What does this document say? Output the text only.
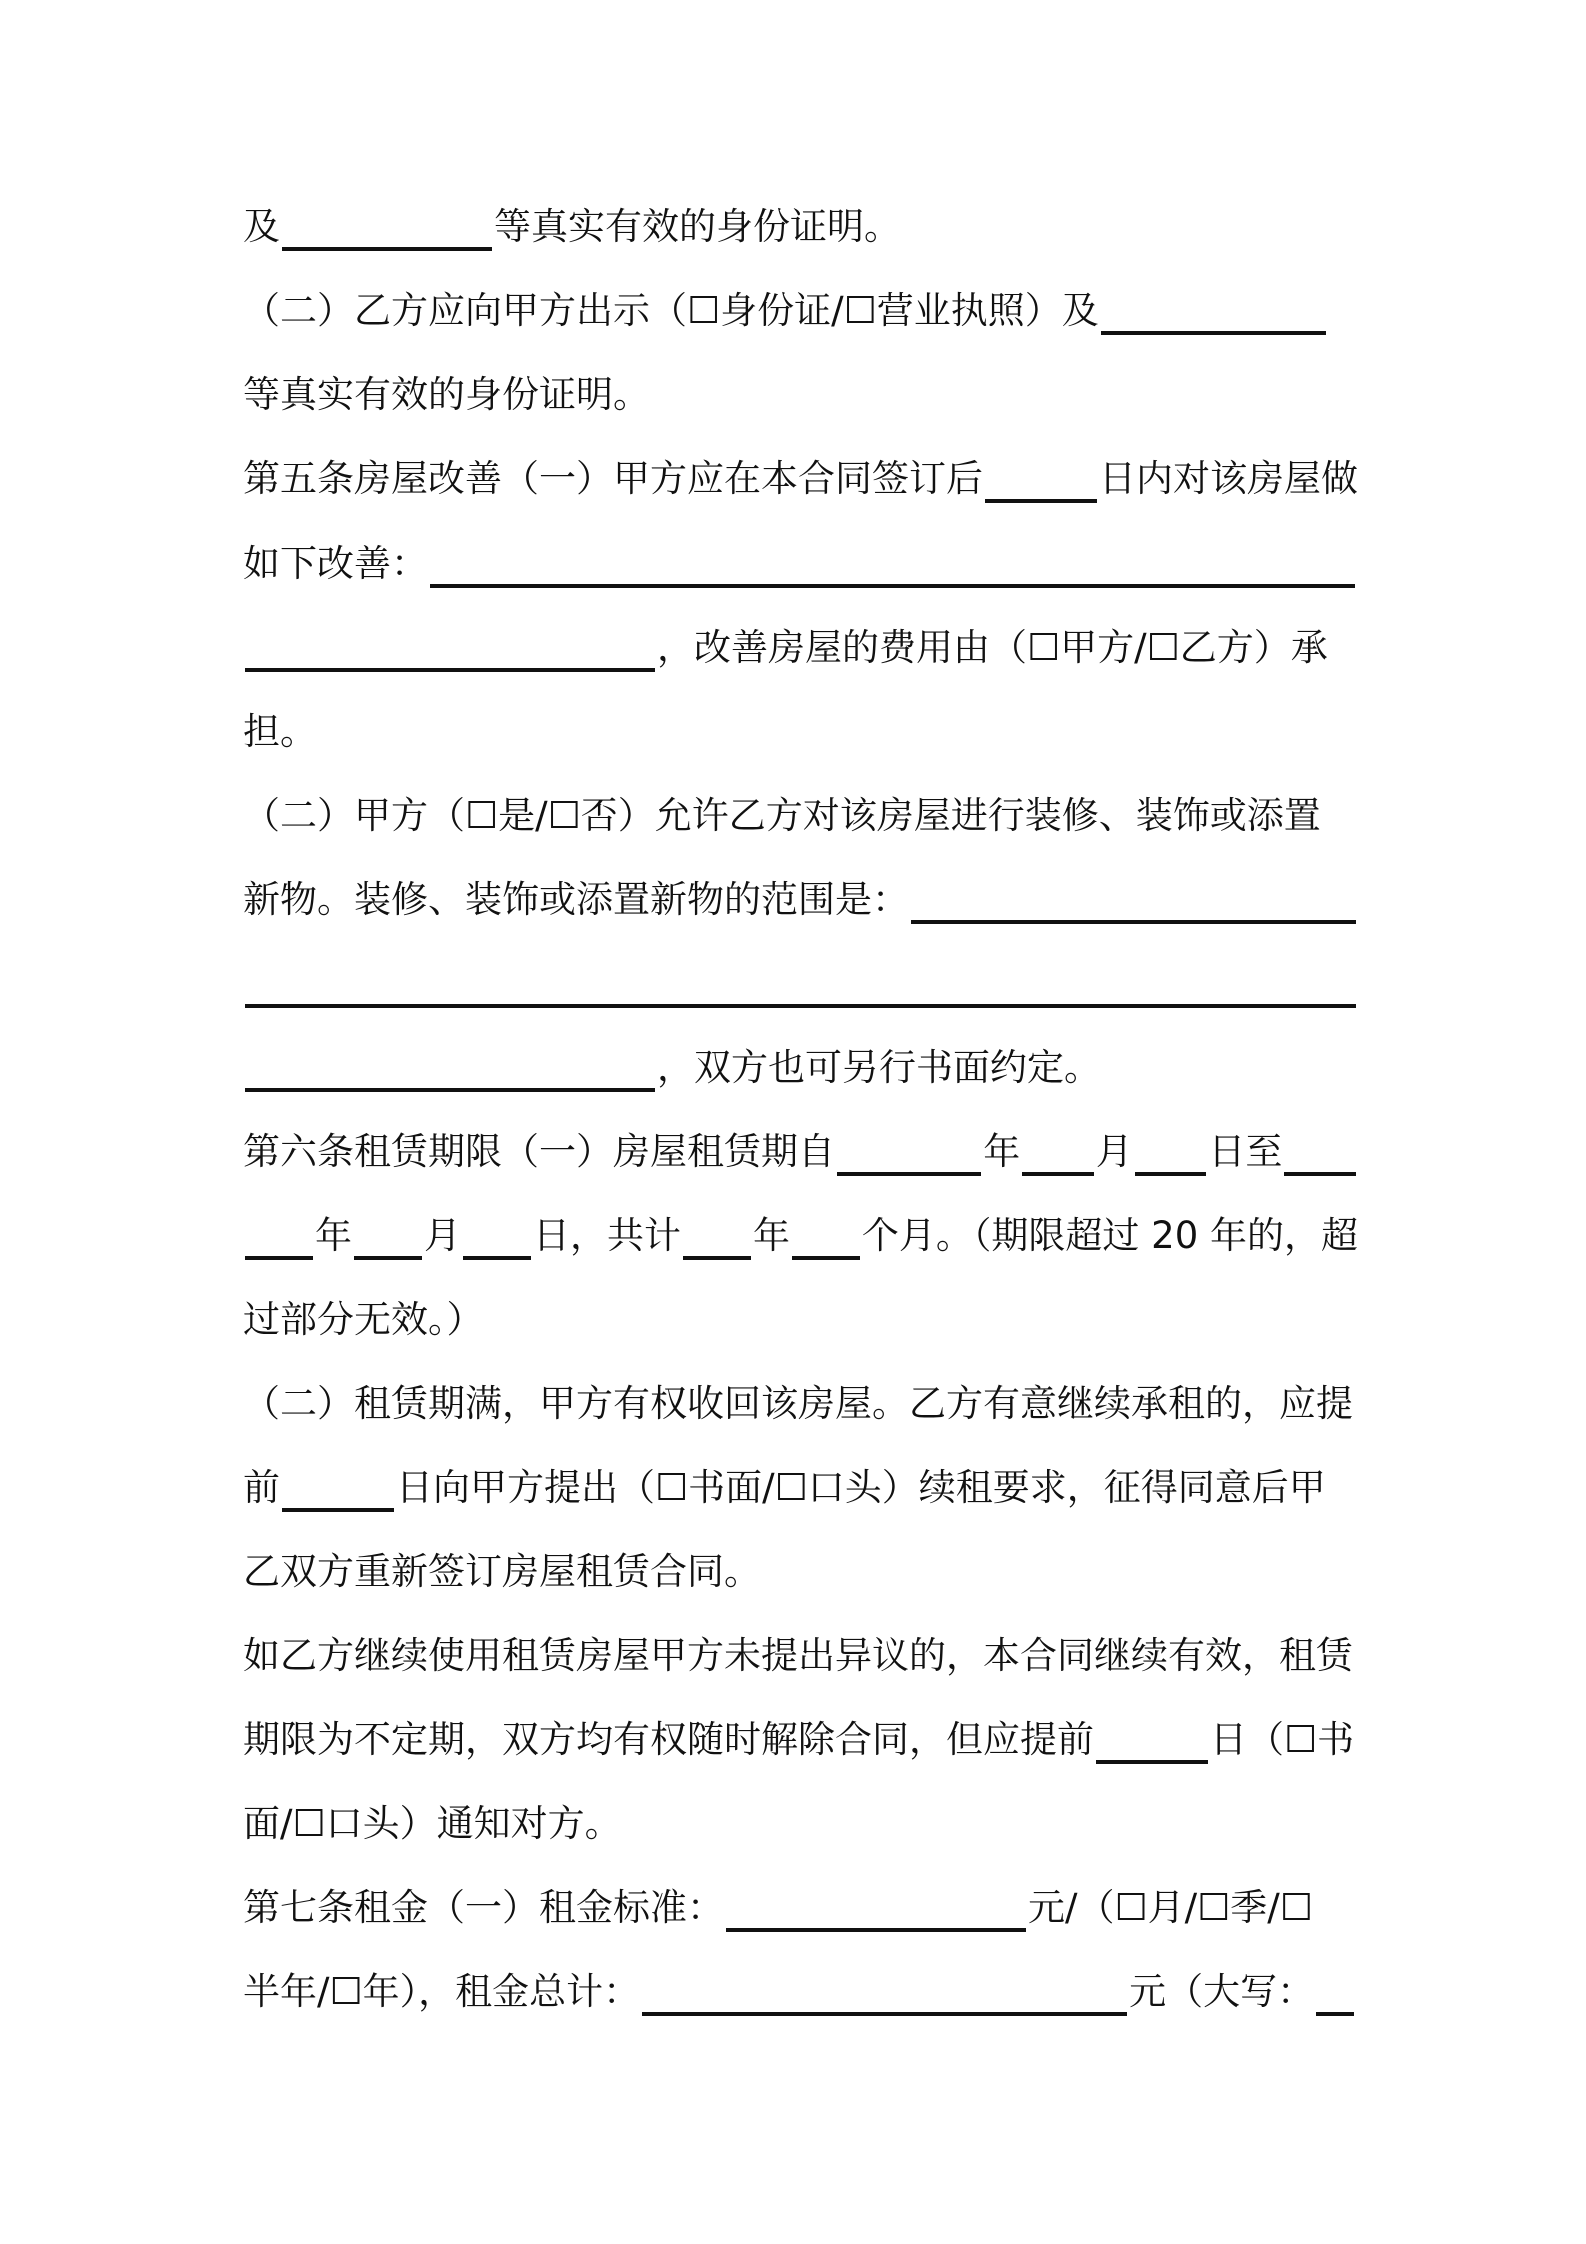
及	等真实有效的身份证明。
（二）乙方应向甲方出示（☐身份证/☐营业执照）及
等真实有效的身份证明。
第五条房屋改善（一）甲方应在本合同签订后	日内对该房屋做
如下改善：
，改善房屋的费用由（☐甲方/☐乙方）承
担。
（二）甲方（☐是/☐否）允许乙方对该房屋进行装修、装饰或添置
新物。装修、装饰或添置新物的范围是：
，双方也可另行书面约定。
第六条租赁期限（一）房屋租赁期自	年 月 日至
年 月 日，共计 年 个月。（期限超过 20 年的，超
过部分无效。）
（二）租赁期满，甲方有权收回该房屋。乙方有意继续承租的，应提
前	日向甲方提出（☐书面/☐口头）续租要求，征得同意后甲
乙双方重新签订房屋租赁合同。
如乙方继续使用租赁房屋甲方未提出异议的，本合同继续有效，租赁
期限为不定期，双方均有权随时解除合同，但应提前	日（☐书
面/☐口头）通知对方。
第七条租金（一）租金标准：	元/（☐月/☐季/☐
半年/☐年），租金总计：	元（大写：
